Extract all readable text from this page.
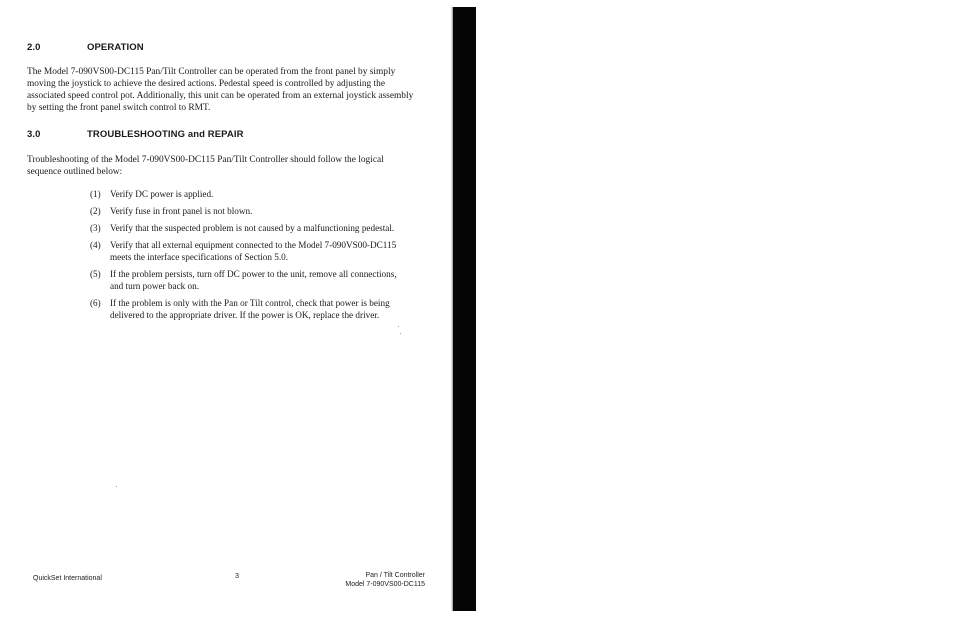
2.0	OPERATION

The Model 7-090VS00-DC115 Pan/Tilt Controller can be operated from the front panel by simply moving the joystick to achieve the desired actions. Pedestal speed is controlled by adjusting the associated speed control pot. Additionally, this unit can be operated from an external joystick assembly by setting the front panel switch control to RMT.

3.0	TROUBLESHOOTING and REPAIR

Troubleshooting of the Model 7-090VS00-DC115 Pan/Tilt Controller should follow the logical sequence outlined below:

(1)	Verify DC power is applied.
(2)	Verify fuse in front panel is not blown.
(3)	Verify that the suspected problem is not caused by a malfunctioning pedestal.
(4)	Verify that all external equipment connected to the Model 7-090VS00-DC115 meets the interface specifications of Section 5.0.
(5)	If the problem persists, turn off DC power to the unit, remove all connections, and turn power back on.
(6)	If the problem is only with the Pan or Tilt control, check that power is being delivered to the appropriate driver. If the power is OK, replace the driver.
QuickSet International	3	Pan / Tilt Controller
Model 7-090VS00-DC115
